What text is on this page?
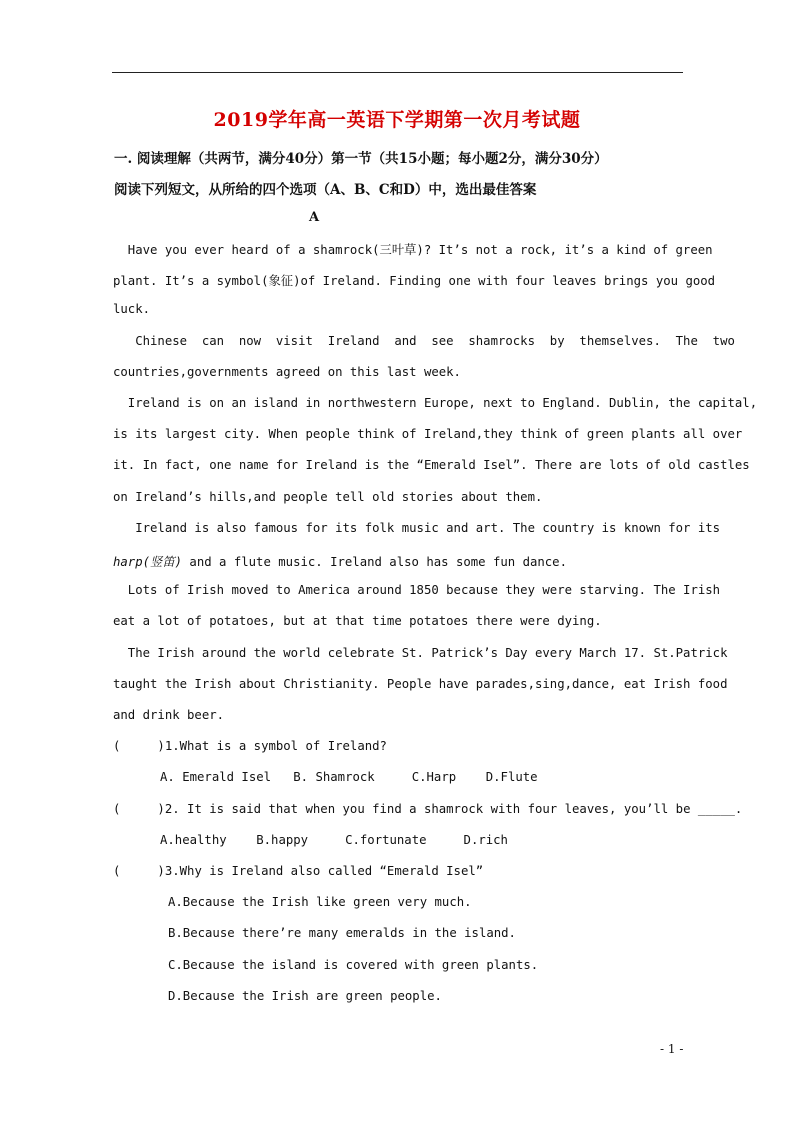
2019学年高一英语下学期第一次月考试题
一. 阅读理解（共两节，满分40分）第一节（共15小题；每小题2分，满分30分）
阅读下列短文，从所给的四个选项（A、B、C和D）中，选出最佳答案
A
Have you ever heard of a shamrock(三叶草)? It’s not a rock, it’s a kind of green
plant. It’s a symbol(象征)of Ireland. Finding one with four leaves brings you good
luck.
Chinese  can  now  visit  Ireland  and  see  shamrocks  by  themselves.  The  two
countries,governments agreed on this last week.
Ireland is on an island in northwestern Europe, next to England. Dublin, the capital,
is its largest city. When people think of Ireland,they think of green plants all over
it. In fact, one name for Ireland is the “Emerald Isel”. There are lots of old castles
on Ireland’s hills,and people tell old stories about them.
Ireland is also famous for its folk music and art. The country is known for its
harp(竖笛) and a flute music. Ireland also has some fun dance.
Lots of Irish moved to America around 1850 because they were starving. The Irish
eat a lot of potatoes, but at that time potatoes there were dying.
The Irish around the world celebrate St. Patrick’s Day every March 17. St.Patrick
taught the Irish about Christianity. People have parades,sing,dance, eat Irish food
and drink beer.
(     )1.What is a symbol of Ireland?
A. Emerald Isel   B. Shamrock     C.Harp    D.Flute
(     )2. It is said that when you find a shamrock with four leaves, you’ll be _____.
A.healthy    B.happy     C.fortunate     D.rich
(     )3.Why is Ireland also called “Emerald Isel”
A.Because the Irish like green very much.
B.Because there’re many emeralds in the island.
C.Because the island is covered with green plants.
D.Because the Irish are green people.
- 1 -
